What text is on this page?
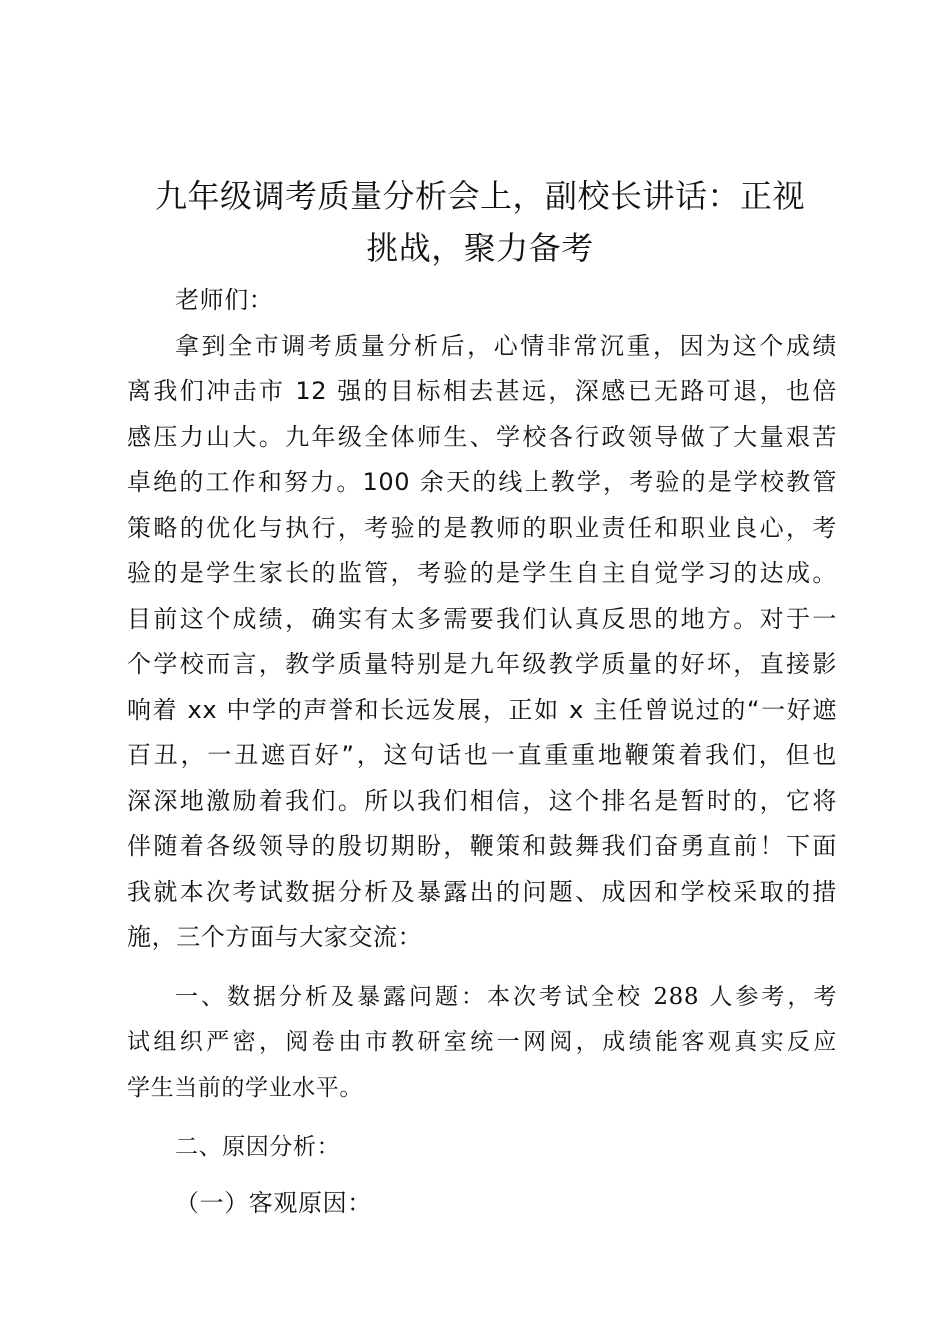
九年级调考质量分析会上，副校长讲话：正视
挑战，聚力备考
老师们：
拿到全市调考质量分析后，心情非常沉重，因为这个成绩
离我们冲击市 12 强的目标相去甚远，深感已无路可退，也倍
感压力山大。九年级全体师生、学校各行政领导做了大量艰苦
卓绝的工作和努力。100 余天的线上教学，考验的是学校教管
策略的优化与执行，考验的是教师的职业责任和职业良心，考
验的是学生家长的监管，考验的是学生自主自觉学习的达成。
目前这个成绩，确实有太多需要我们认真反思的地方。对于一
个学校而言，教学质量特别是九年级教学质量的好坏，直接影
响着 xx 中学的声誉和长远发展，正如 x 主任曾说过的“一好遮
百丑，一丑遮百好”，这句话也一直重重地鞭策着我们，但也
深深地激励着我们。所以我们相信，这个排名是暂时的，它将
伴随着各级领导的殷切期盼，鞭策和鼓舞我们奋勇直前！下面
我就本次考试数据分析及暴露出的问题、成因和学校采取的措
施，三个方面与大家交流：
一、数据分析及暴露问题：本次考试全校 288 人参考，考
试组织严密，阅卷由市教研室统一网阅，成绩能客观真实反应
学生当前的学业水平。
二、原因分析：
（一）客观原因：
